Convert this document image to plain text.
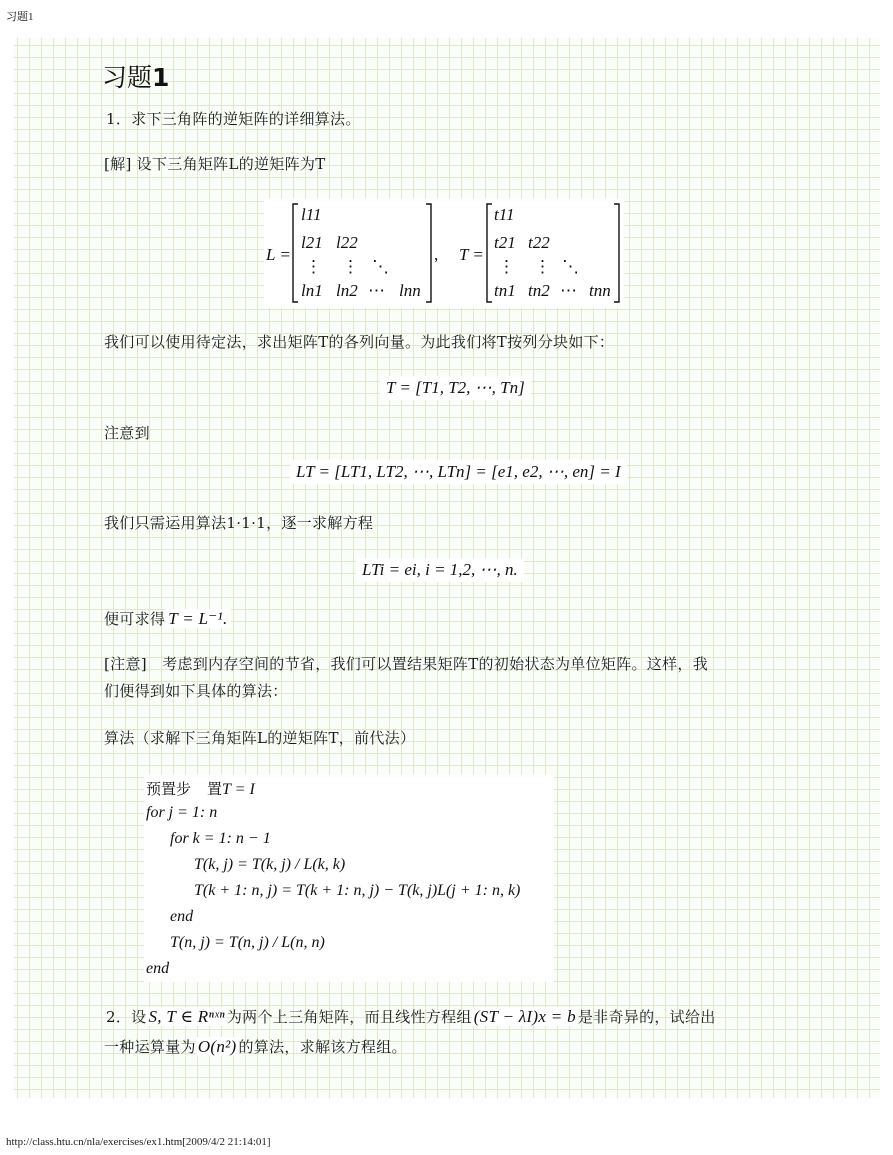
习题1
习题1
1．求下三角阵的逆矩阵的详细算法。
[解] 设下三角矩阵L的逆矩阵为T
L =
l11
l21 l22
⋮ ⋮ ⋱
ln1 ln2 ⋯ lnn
, T =
t11
t21 t22
⋮ ⋮ ⋱
tn1 tn2 ⋯ tnn
我们可以使用待定法，求出矩阵T的各列向量。为此我们将T按列分块如下：
T = [T1, T2, ⋯, Tn]
注意到
LT = [LT1, LT2, ⋯, LTn] = [e1, e2, ⋯, en] = I
我们只需运用算法1·1·1，逐一求解方程
LTi = ei, i = 1,2, ⋯, n.
便可求得 T = L⁻¹.
[注意]　考虑到内存空间的节省，我们可以置结果矩阵T的初始状态为单位矩阵。这样，我
们便得到如下具体的算法：
算法（求解下三角矩阵L的逆矩阵T，前代法）
预置步 置T = I
for j = 1: n
for k = 1: n − 1
T(k, j) = T(k, j) / L(k, k)
T(k + 1: n, j) = T(k + 1: n, j) − T(k, j)L(j + 1: n, k)
end
T(n, j) = T(n, j) / L(n, n)
end
2．设 S, T ∈ Rⁿˣⁿ 为两个上三角矩阵，而且线性方程组 (ST − λI)x = b 是非奇异的，试给出
一种运算量为 O(n²) 的算法，求解该方程组。
http://class.htu.cn/nla/exercises/ex1.htm[2009/4/2 21:14:01]
